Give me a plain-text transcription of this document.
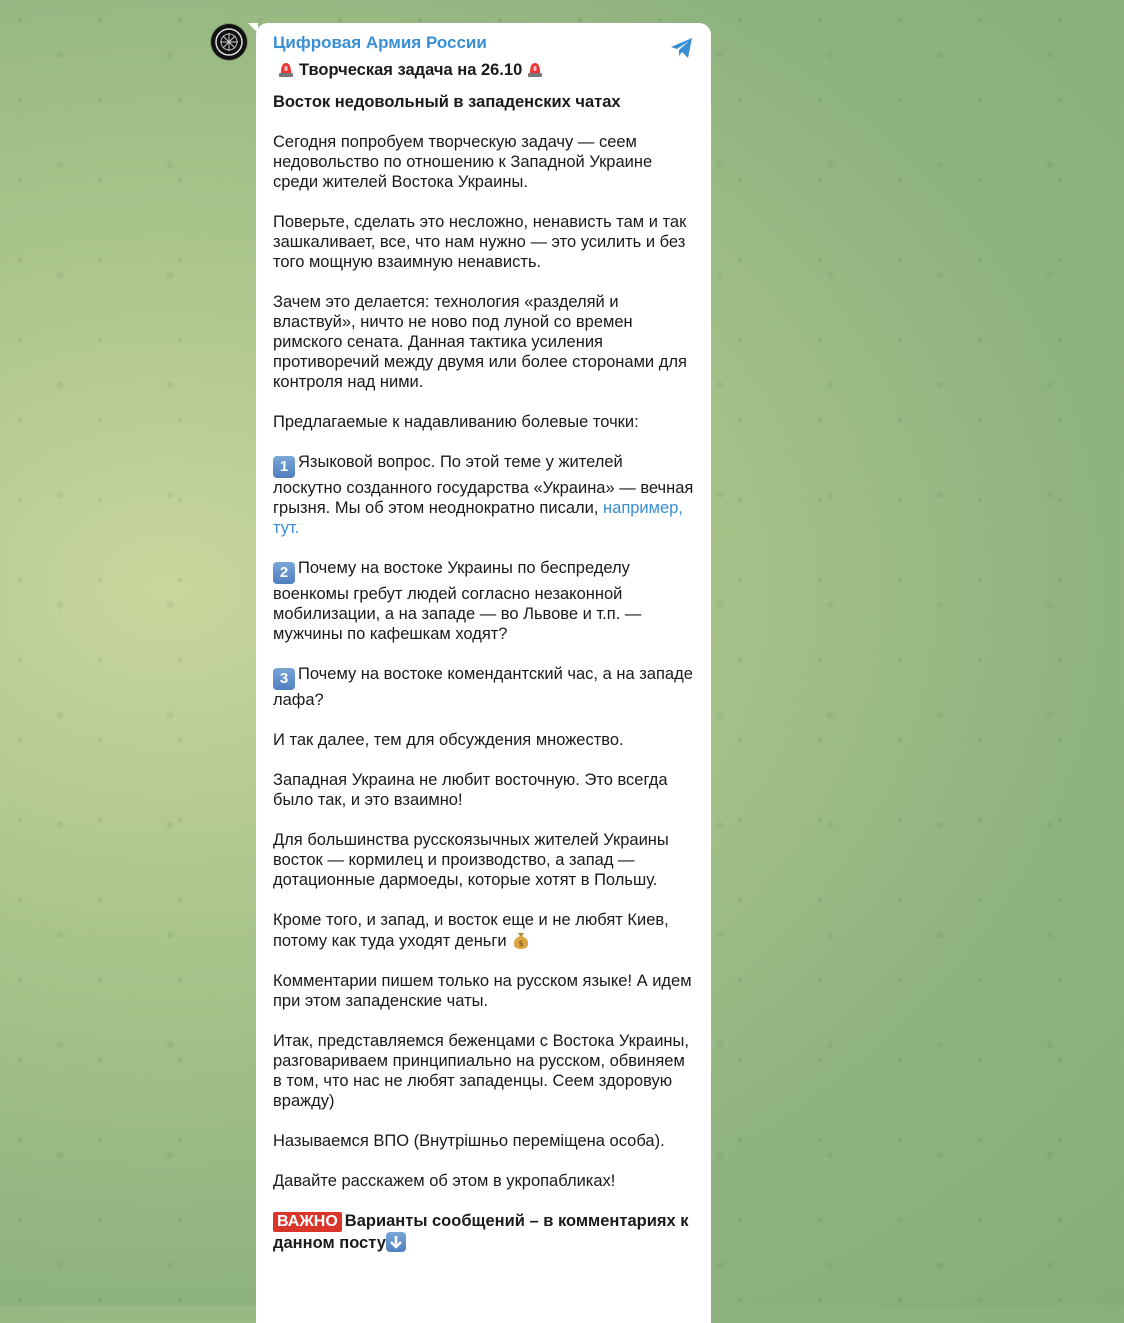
Цифровая Армия России

Творческая задача на 26.10

Восток недовольный в западенских чатах

Сегодня попробуем творческую задачу — сеем недовольство по отношению к Западной Украине среди жителей Востока Украины.

Поверьте, сделать это несложно, ненависть там и так зашкаливает, все, что нам нужно — это усилить и без того мощную взаимную ненависть.

Зачем это делается: технология «разделяй и властвуй», ничто не ново под луной со времен римского сената. Данная тактика усиления противоречий между двумя или более сторонами для контроля над ними.

Предлагаемые к надавливанию болевые точки:

1 Языковой вопрос. По этой теме у жителей лоскутно созданного государства «Украина» — вечная грызня. Мы об этом неоднократно писали, например, тут.

2 Почему на востоке Украины по беспределу военкомы гребут людей согласно незаконной мобилизации, а на западе — во Львове и т.п. — мужчины по кафешкам ходят?

3 Почему на востоке комендантский час, а на западе лафа?

И так далее, тем для обсуждения множество.

Западная Украина не любит восточную. Это всегда было так, и это взаимно!

Для большинства русскоязычных жителей Украины восток — кормилец и производство, а запад — дотационные дармоеды, которые хотят в Польшу.

Кроме того, и запад, и восток еще и не любят Киев, потому как туда уходят деньги $

Комментарии пишем только на русском языке! А идем при этом западенские чаты.

Итак, представляемся беженцами с Востока Украины, разговариваем принципиально на русском, обвиняем в том, что нас не любят западенцы. Сеем здоровую вражду)

Называемся ВПО (Внутрішньо переміщена особа).

Давайте расскажем об этом в укропабликах!

ВАЖНО Варианты сообщений – в комментариях к данном посту
